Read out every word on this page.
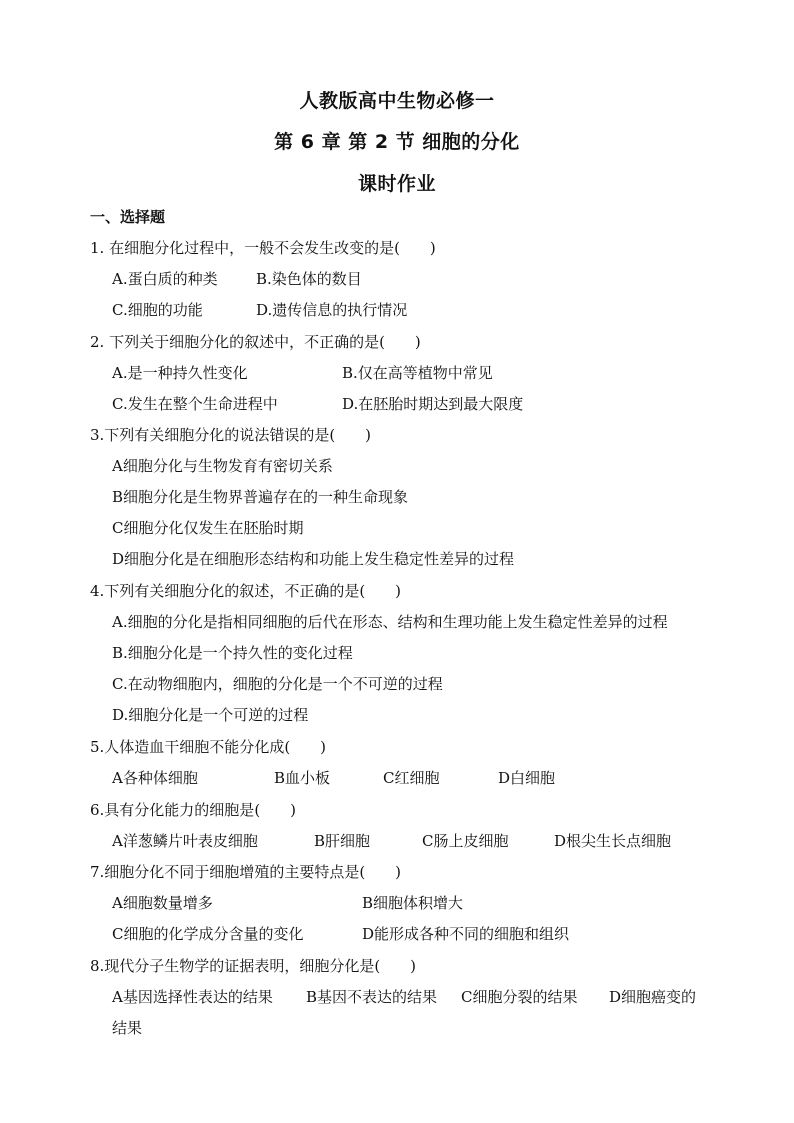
人教版高中生物必修一
第 6 章 第 2 节 细胞的分化
课时作业
一、选择题
1. 在细胞分化过程中，一般不会发生改变的是(　　)
A.蛋白质的种类	B.染色体的数目
C.细胞的功能	D.遗传信息的执行情况
2. 下列关于细胞分化的叙述中，不正确的是(　　)
A.是一种持久性变化	B.仅在高等植物中常见
C.发生在整个生命进程中	D.在胚胎时期达到最大限度
3.下列有关细胞分化的说法错误的是(　　)
A细胞分化与生物发育有密切关系
B细胞分化是生物界普遍存在的一种生命现象
C细胞分化仅发生在胚胎时期
D细胞分化是在细胞形态结构和功能上发生稳定性差异的过程
4.下列有关细胞分化的叙述，不正确的是(　　)
A.细胞的分化是指相同细胞的后代在形态、结构和生理功能上发生稳定性差异的过程
B.细胞分化是一个持久性的变化过程
C.在动物细胞内，细胞的分化是一个不可逆的过程
D.细胞分化是一个可逆的过程
5.人体造血干细胞不能分化成(　　)
A各种体细胞	B血小板	C红细胞	D白细胞
6.具有分化能力的细胞是(　　)
A洋葱鳞片叶表皮细胞	B肝细胞	C肠上皮细胞	D根尖生长点细胞
7.细胞分化不同于细胞增殖的主要特点是(　　)
A细胞数量增多	B细胞体积增大
C细胞的化学成分含量的变化	D能形成各种不同的细胞和组织
8.现代分子生物学的证据表明，细胞分化是(　　)
A基因选择性表达的结果 B基因不表达的结果 C细胞分裂的结果 D细胞癌变的
结果
